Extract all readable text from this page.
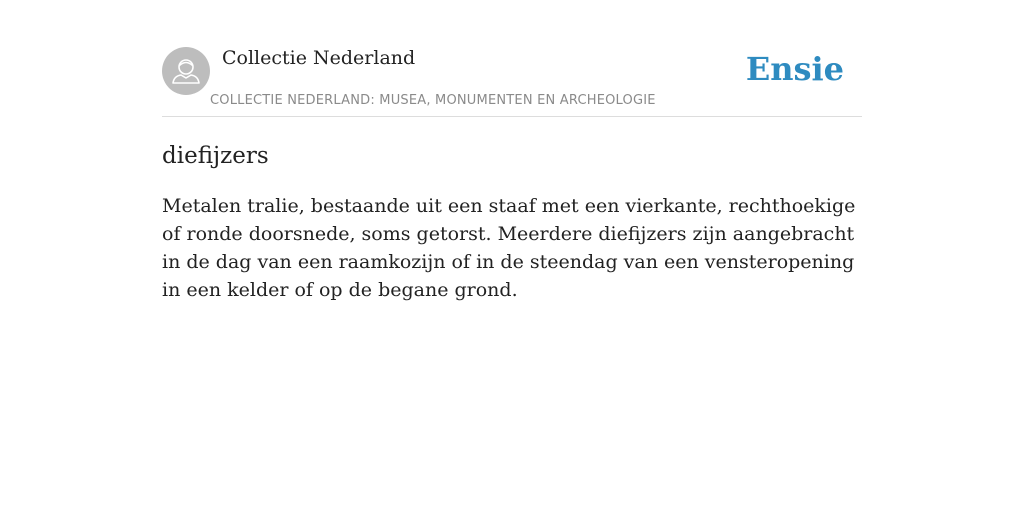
Collectie Nederland
COLLECTIE NEDERLAND: MUSEA, MONUMENTEN EN ARCHEOLOGIE
Ensie
diefijzers

Metalen tralie, bestaande uit een staaf met een vierkante, rechthoekige of ronde doorsnede, soms getorst. Meerdere diefijzers zijn aangebracht in de dag van een raamkozijn of in de steendag van een vensteropening in een kelder of op de begane grond.
